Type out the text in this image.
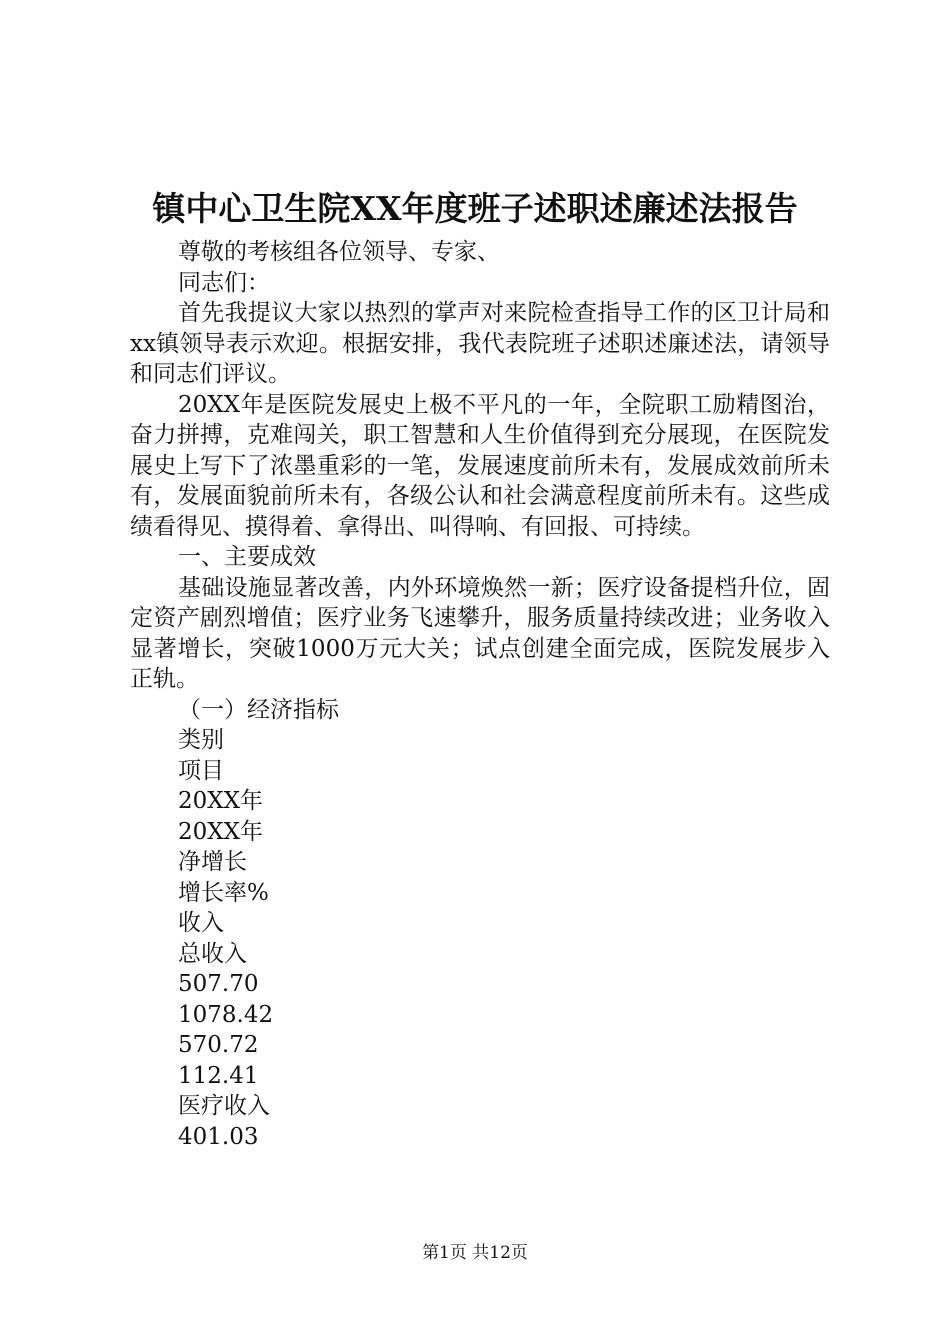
镇中心卫生院XX年度班子述职述廉述法报告

尊敬的考核组各位领导、专家、

同志们：

首先我提议大家以热烈的掌声对来院检查指导工作的区卫计局和xx镇领导表示欢迎。根据安排，我代表院班子述职述廉述法，请领导和同志们评议。

20XX年是医院发展史上极不平凡的一年，全院职工励精图治，奋力拼搏，克难闯关，职工智慧和人生价值得到充分展现，在医院发展史上写下了浓墨重彩的一笔，发展速度前所未有，发展成效前所未有，发展面貌前所未有，各级公认和社会满意程度前所未有。这些成绩看得见、摸得着、拿得出、叫得响、有回报、可持续。

一、主要成效

基础设施显著改善，内外环境焕然一新；医疗设备提档升位，固定资产剧烈增值；医疗业务飞速攀升，服务质量持续改进；业务收入显著增长，突破1000万元大关；试点创建全面完成，医院发展步入正轨。

（一）经济指标

类别

项目

20XX年

20XX年

净增长

增长率%

收入

总收入

507.70

1078.42

570.72

112.41

医疗收入

401.03

第1页 共12页
